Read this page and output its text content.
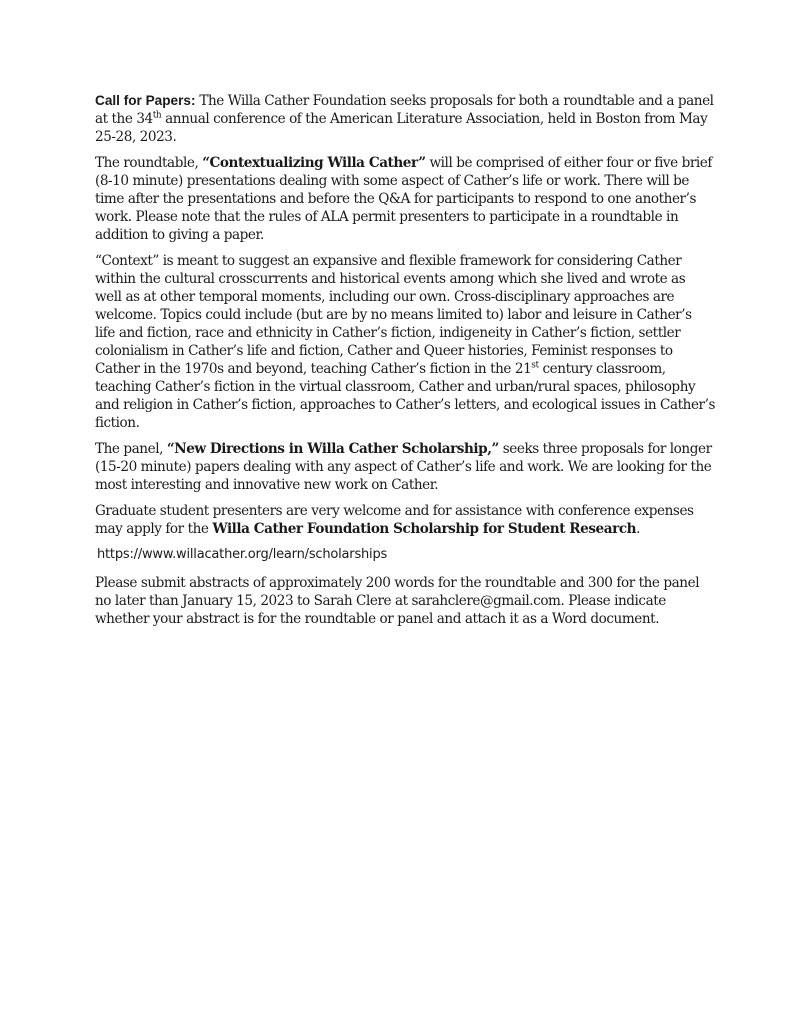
Call for Papers: The Willa Cather Foundation seeks proposals for both a roundtable and a panel at the 34th annual conference of the American Literature Association, held in Boston from May 25-28, 2023.

The roundtable, “Contextualizing Willa Cather” will be comprised of either four or five brief (8-10 minute) presentations dealing with some aspect of Cather’s life or work. There will be time after the presentations and before the Q&A for participants to respond to one another’s work. Please note that the rules of ALA permit presenters to participate in a roundtable in addition to giving a paper.

“Context” is meant to suggest an expansive and flexible framework for considering Cather within the cultural crosscurrents and historical events among which she lived and wrote as well as at other temporal moments, including our own. Cross-disciplinary approaches are welcome. Topics could include (but are by no means limited to) labor and leisure in Cather’s life and fiction, race and ethnicity in Cather’s fiction, indigeneity in Cather’s fiction, settler colonialism in Cather’s life and fiction, Cather and Queer histories, Feminist responses to Cather in the 1970s and beyond, teaching Cather’s fiction in the 21st century classroom, teaching Cather’s fiction in the virtual classroom, Cather and urban/rural spaces, philosophy and religion in Cather’s fiction, approaches to Cather’s letters, and ecological issues in Cather’s fiction.

The panel, “New Directions in Willa Cather Scholarship,” seeks three proposals for longer (15-20 minute) papers dealing with any aspect of Cather’s life and work. We are looking for the most interesting and innovative new work on Cather.

Graduate student presenters are very welcome and for assistance with conference expenses may apply for the Willa Cather Foundation Scholarship for Student Research.

https://www.willacather.org/learn/scholarships

Please submit abstracts of approximately 200 words for the roundtable and 300 for the panel no later than January 15, 2023 to Sarah Clere at sarahclere@gmail.com. Please indicate whether your abstract is for the roundtable or panel and attach it as a Word document.
